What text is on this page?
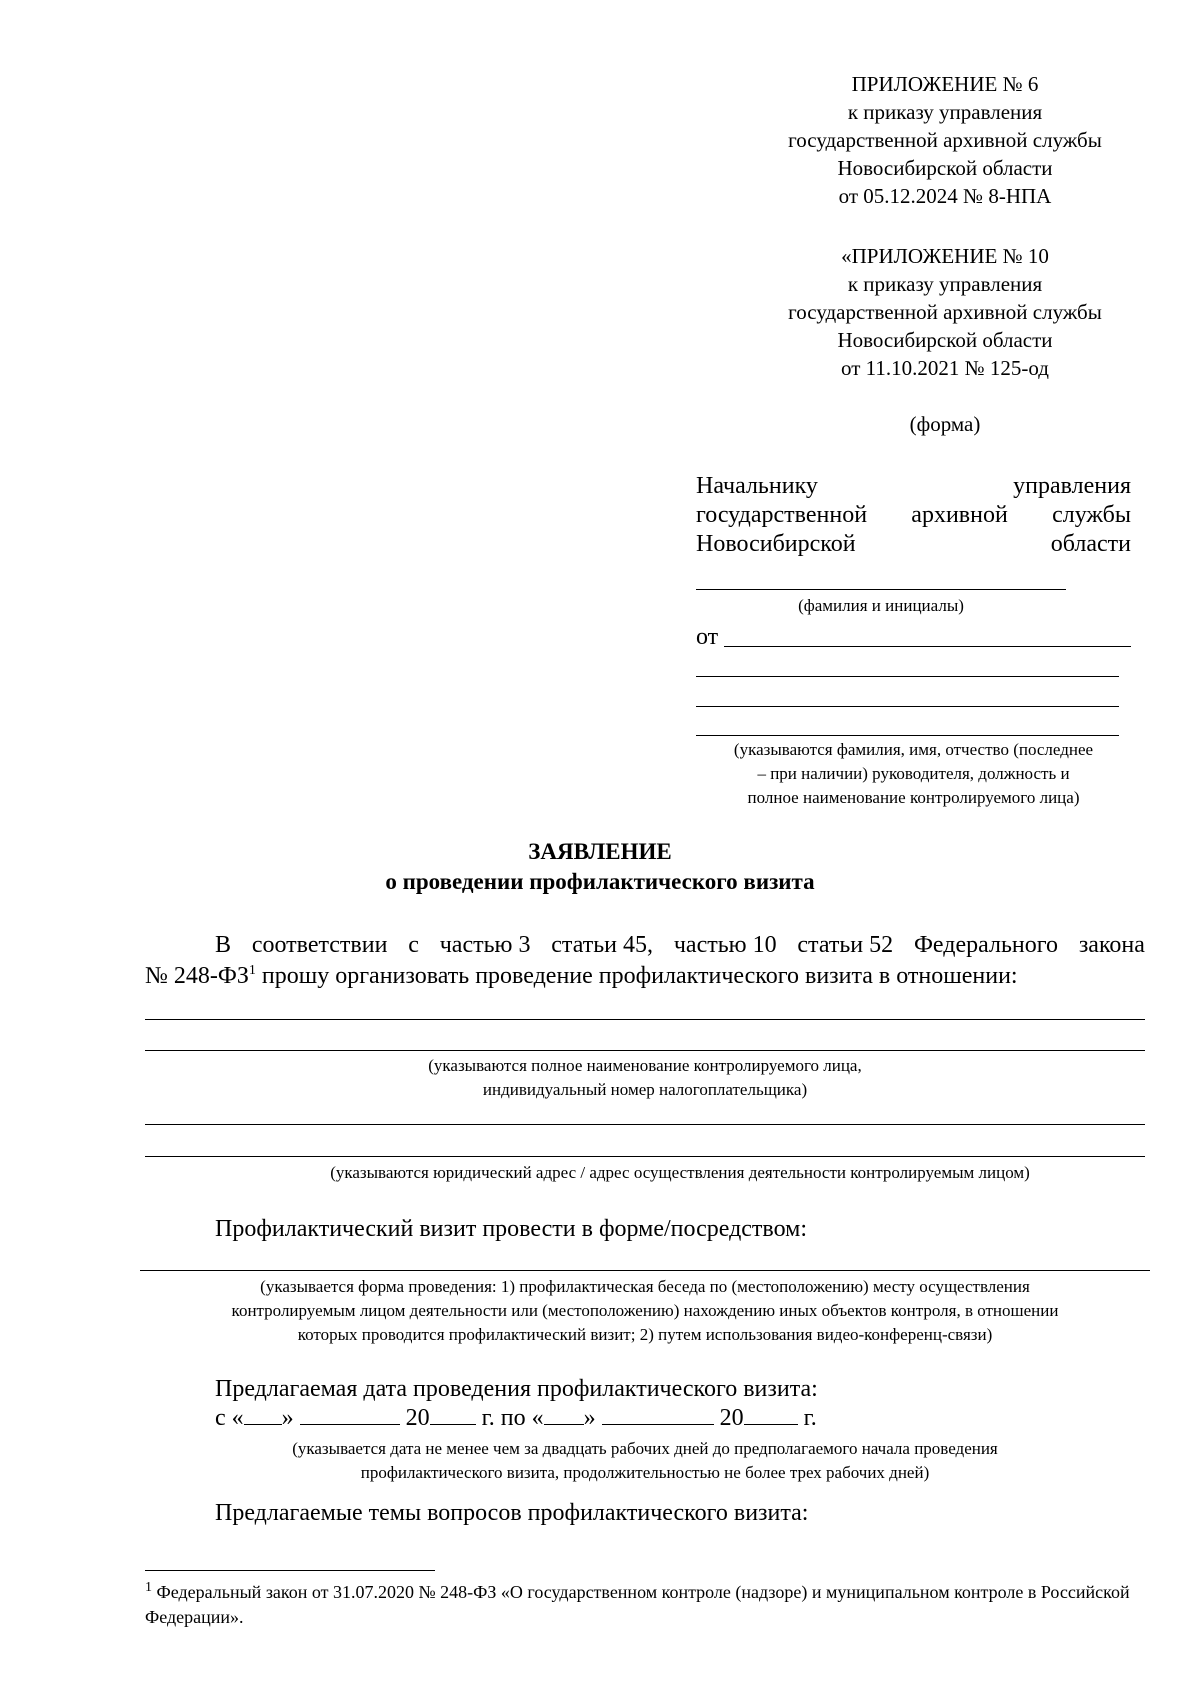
ПРИЛОЖЕНИЕ № 6
к приказу управления
государственной архивной службы
Новосибирской области
от 05.12.2024 № 8-НПА
«ПРИЛОЖЕНИЕ № 10
к приказу управления
государственной архивной службы
Новосибирской области
от 11.10.2021 № 125-од
(форма)
Начальнику	управления
государственной архивной службы
Новосибирской	области
(фамилия и инициалы)
от
(указываются фамилия, имя, отчество (последнее
– при наличии) руководителя, должность и
полное наименование контролируемого лица)
ЗАЯВЛЕНИЕ
о проведении профилактического визита
В соответствии с частью 3 статьи 45, частью 10 статьи 52 Федерального закона
№ $248-ФЗ^1$ прошу организовать проведение профилактического визита в отношении:
(указываются полное наименование контролируемого лица,
индивидуальный номер налогоплательщика)
(указываются юридический адрес / адрес осуществления деятельности контролируемым лицом)
Профилактический визит провести в форме/посредством:
(указывается форма проведения: 1) профилактическая беседа по (местоположению) месту осуществления
контролируемым лицом деятельности или (местоположению) нахождению иных объектов контроля, в отношении
которых проводится профилактический визит; 2) путем использования видео-конференц-связи)
Предлагаемая дата проведения профилактического визита:
с « »	20 г. по « »	20	г.
(указывается дата не менее чем за двадцать рабочих дней до предполагаемого начала проведения
профилактического визита, продолжительностью не более трех рабочих дней)
Предлагаемые темы вопросов профилактического визита:
$^1$ Федеральный закон от 31.07.2020 № 248-ФЗ «О государственном контроле (надзоре) и муниципальном контроле в Российской Федерации».
